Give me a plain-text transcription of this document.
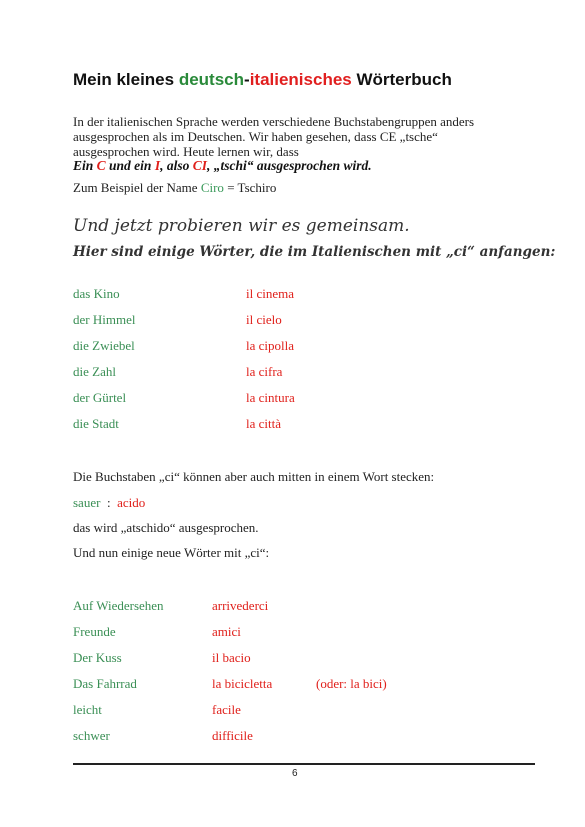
Mein kleines deutsch-italienisches Wörterbuch
In der italienischen Sprache werden verschiedene Buchstabengruppen anders ausgesprochen als im Deutschen. Wir haben gesehen, dass CE „tsche“ ausgesprochen wird. Heute lernen wir, dass
Ein C und ein I, also CI, „tschi“ ausgesprochen wird.
Zum Beispiel der Name Ciro = Tschiro
Und jetzt probieren wir es gemeinsam.
Hier sind einige Wörter, die im Italienischen mit „ci“ anfangen:
das Kino	il cinema
der Himmel	il cielo
die Zwiebel	la cipolla
die Zahl	la cifra
der Gürtel	la cintura
die Stadt	la città
Die Buchstaben „ci“ können aber auch mitten in einem Wort stecken:
sauer : acido
das wird „atschido“ ausgesprochen.
Und nun einige neue Wörter mit „ci“:
Auf Wiedersehen	arrivederci
Freunde	amici
Der Kuss	il bacio
Das Fahrrad	la bicicletta	(oder: la bici)
leicht	facile
schwer	difficile
6
